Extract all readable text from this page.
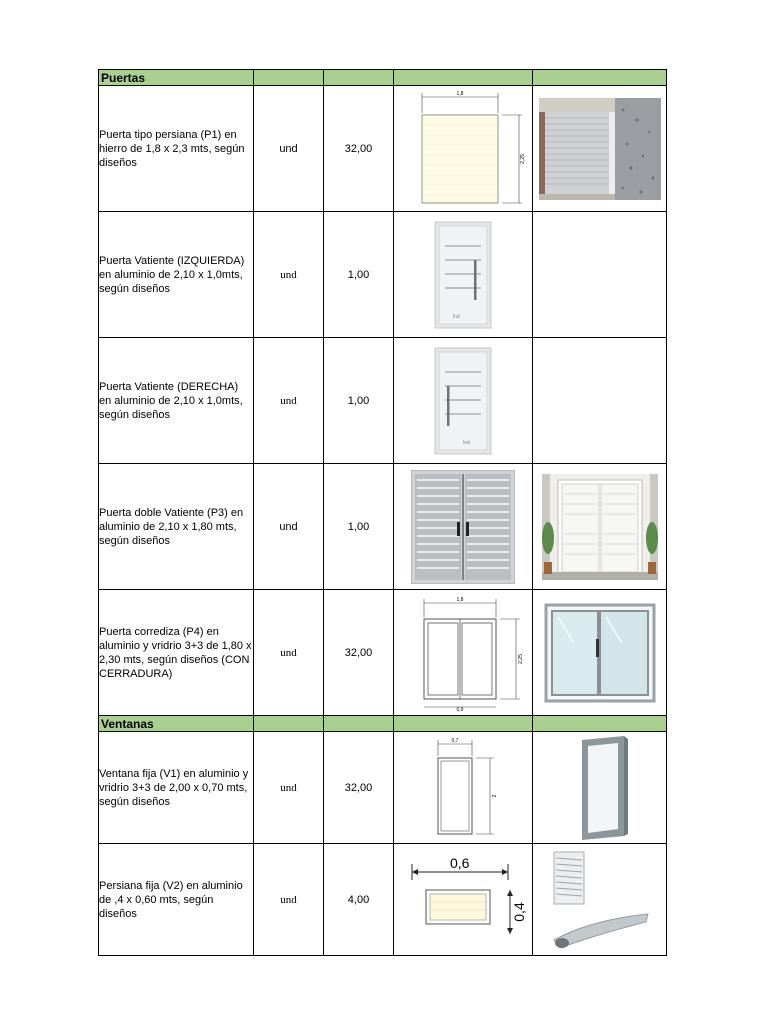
Puertas				
Puerta tipo persiana (P1) en hierro de 1,8 x 2,3 mts, según diseños	und	32,00	1,8
2,25

Puerta Vatiente (IZQUIERDA) en aluminio de 2,10 x 1,0mts, según diseños	und	1,00	lnd	

Puerta Vatiente (DERECHA) en aluminio de 2,10 x 1,0mts, según diseños	und	1,00	lnd	

Puerta doble Vatiente (P3) en aluminio de 2,10 x 1,80 mts, según diseños	und	1,00	

Puerta corrediza (P4) en aluminio y vridrio 3+3 de 1,80 x 2,30 mts, según diseños (CON CERRADURA)	und	32,00	1,8
2,25
0,9

Ventanas				
Ventana fija (V1) en aluminio y vridrio 3+3 de 2,00 x 0,70 mts, según diseños	und	32,00	0,7
2

Persiana fija (V2) en aluminio de ,4 x 0,60 mts, según diseños	und	4,00	0,6
0,4
